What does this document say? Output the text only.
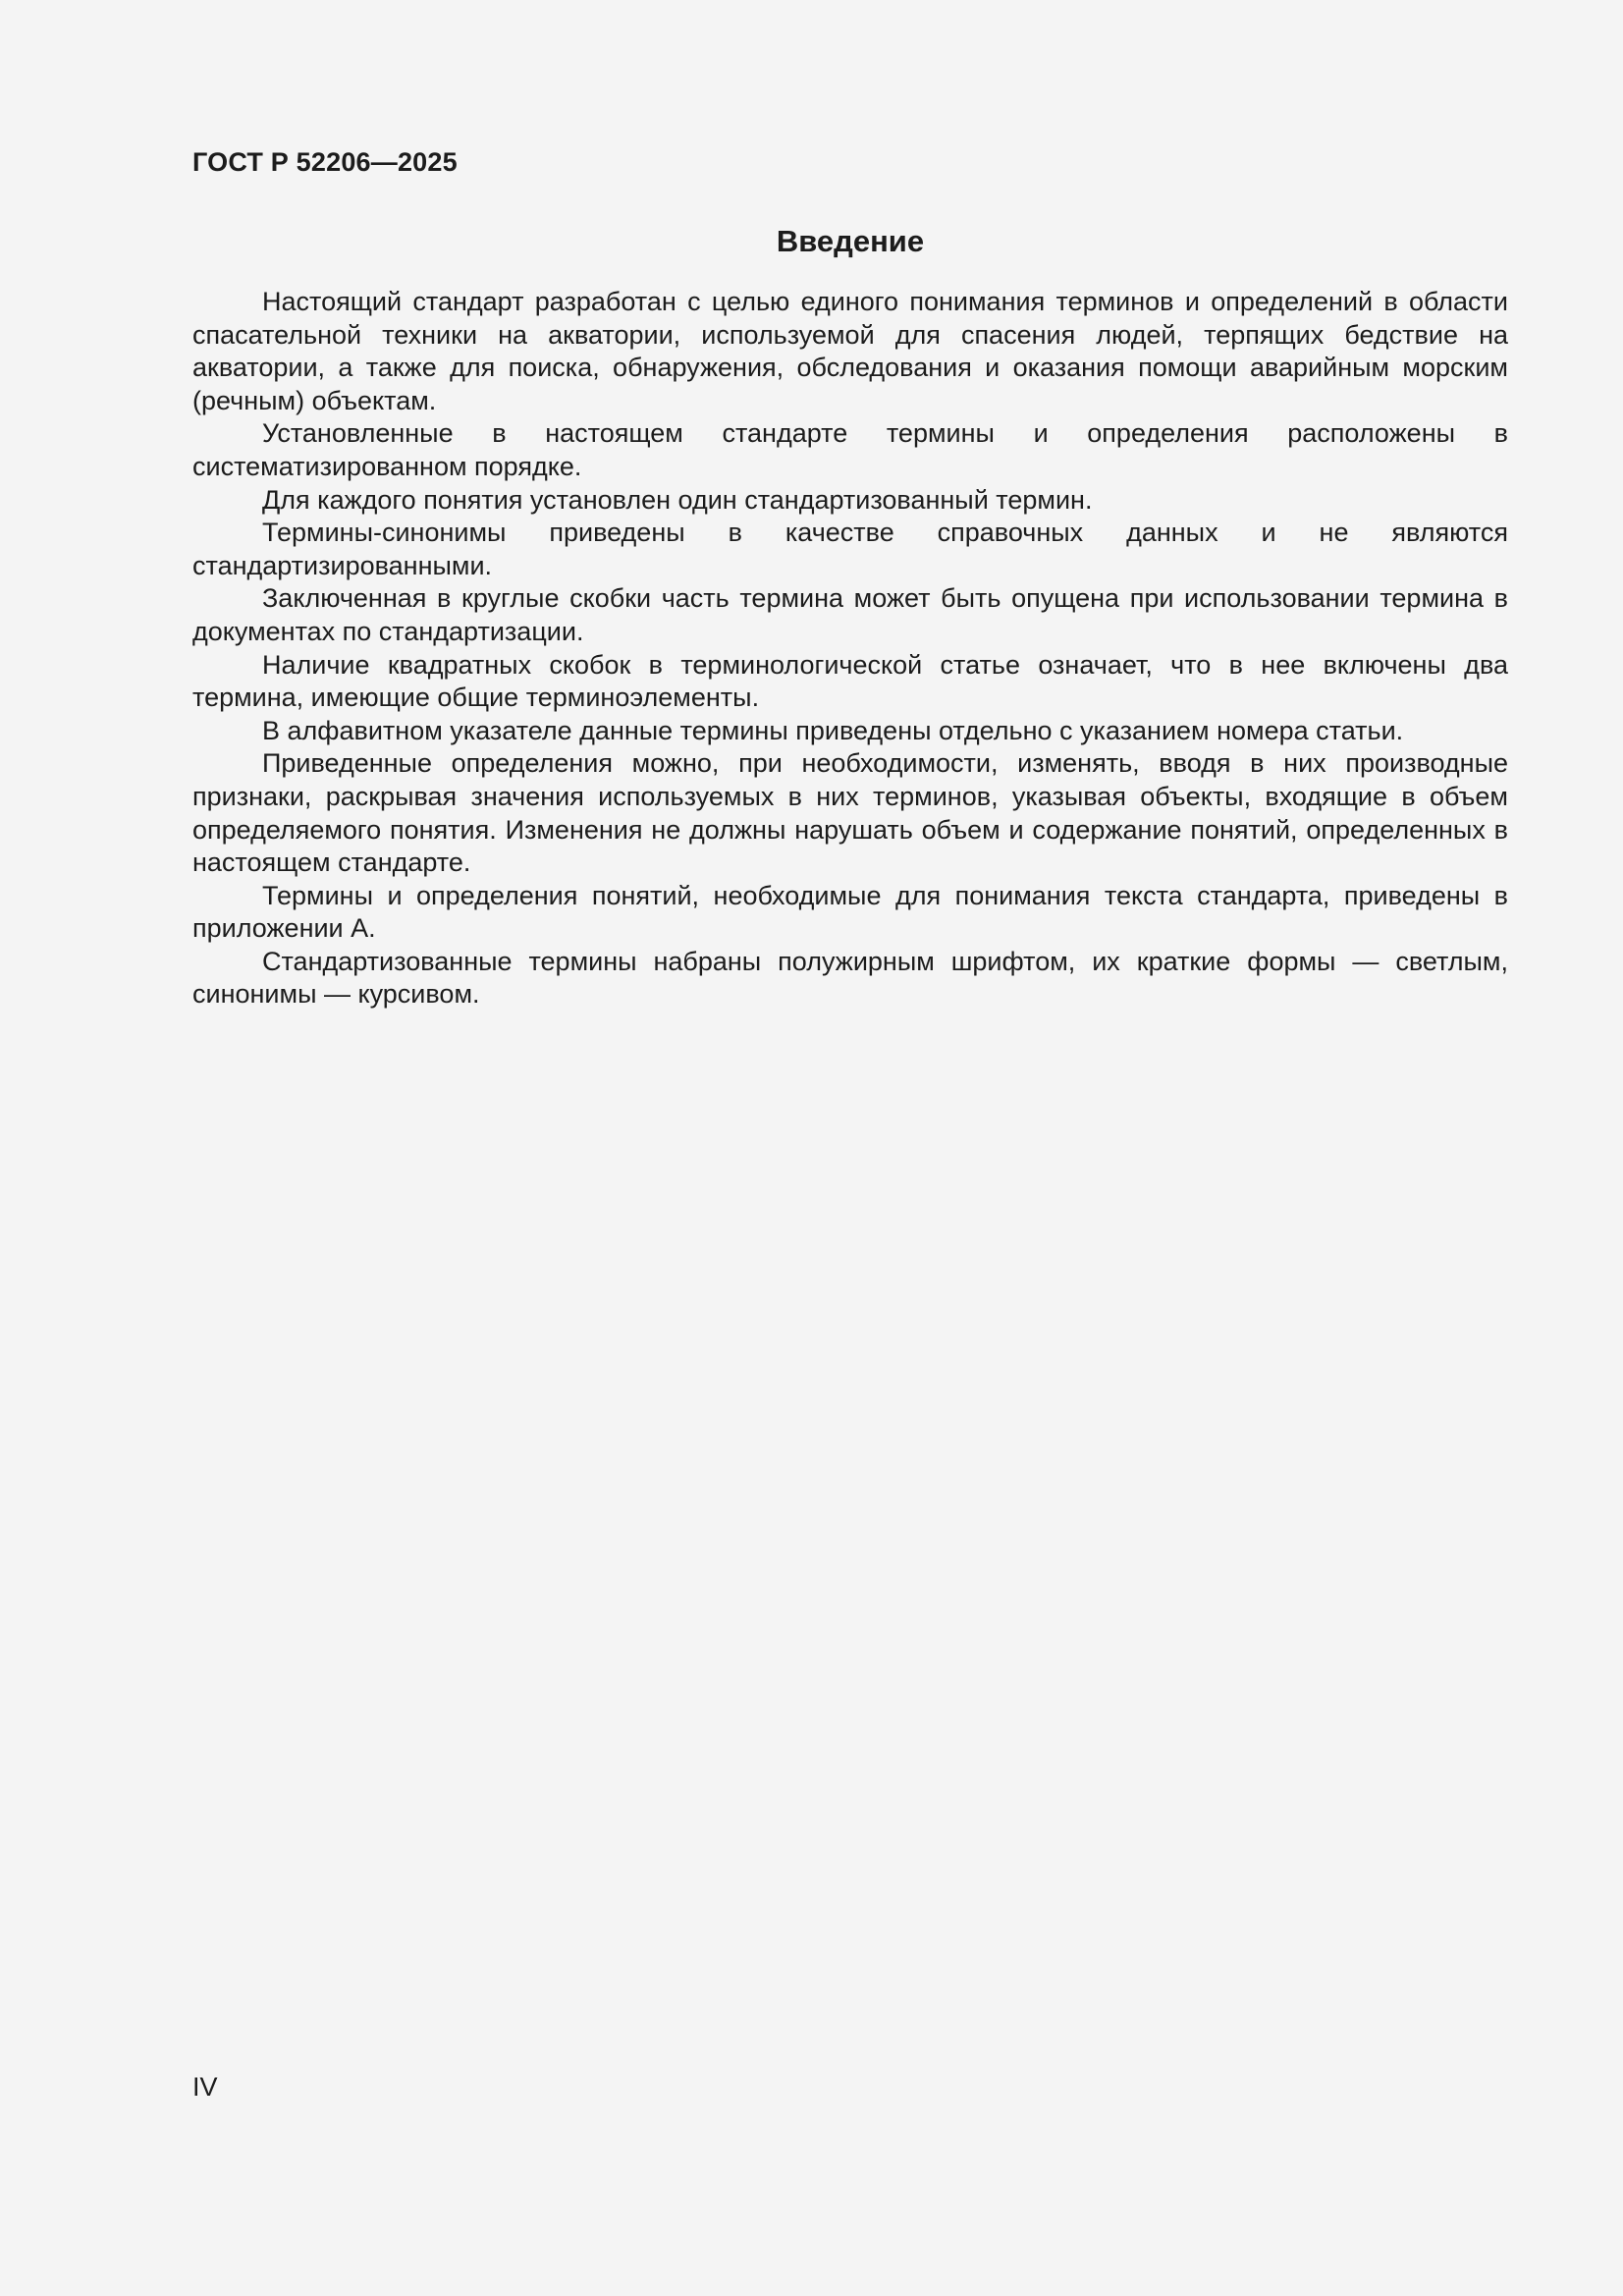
ГОСТ Р 52206—2025

Введение

Настоящий стандарт разработан с целью единого понимания терминов и определений в области спасательной техники на акватории, используемой для спасения людей, терпящих бедствие на акватории, а также для поиска, обнаружения, обследования и оказания помощи аварийным морским (речным) объектам.

Установленные в настоящем стандарте термины и определения расположены в систематизированном порядке.

Для каждого понятия установлен один стандартизованный термин.

Термины-синонимы приведены в качестве справочных данных и не являются стандартизированными.

Заключенная в круглые скобки часть термина может быть опущена при использовании термина в документах по стандартизации.

Наличие квадратных скобок в терминологической статье означает, что в нее включены два термина, имеющие общие терминоэлементы.

В алфавитном указателе данные термины приведены отдельно с указанием номера статьи.

Приведенные определения можно, при необходимости, изменять, вводя в них производные признаки, раскрывая значения используемых в них терминов, указывая объекты, входящие в объем определяемого понятия. Изменения не должны нарушать объем и содержание понятий, определенных в настоящем стандарте.

Термины и определения понятий, необходимые для понимания текста стандарта, приведены в приложении А.

Стандартизованные термины набраны полужирным шрифтом, их краткие формы — светлым, синонимы — курсивом.

IV
